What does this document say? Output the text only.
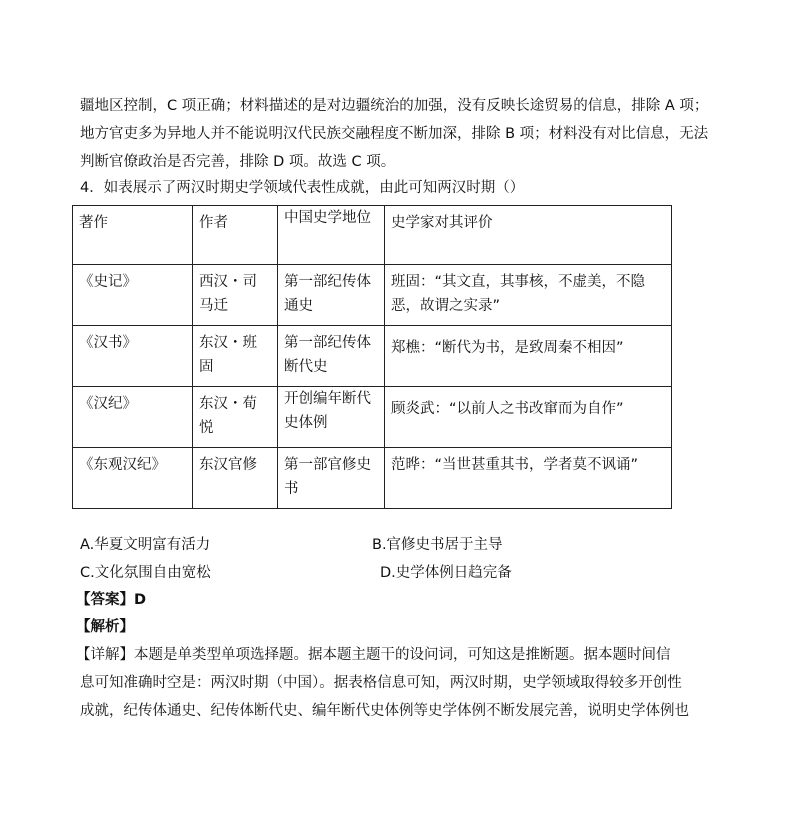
疆地区控制，C 项正确；材料描述的是对边疆统治的加强，没有反映长途贸易的信息，排除 A 项；
地方官吏多为异地人并不能说明汉代民族交融程度不断加深，排除 B 项；材料没有对比信息，无法
判断官僚政治是否完善，排除 D 项。故选 C 项。
4．如表展示了两汉时期史学领域代表性成就，由此可知两汉时期（）
著作	作者	中国史学地位	史学家对其评价
《史记》	西汉・司马迁	第一部纪传体通史	班固：“其文直，其事核，不虚美，不隐恶，故谓之实录”
《汉书》	东汉・班固	第一部纪传体断代史	郑樵：“断代为书，是致周秦不相因”
《汉纪》	东汉・荀悦	开创编年断代史体例	顾炎武：“以前人之书改窜而为自作”
《东观汉纪》	东汉官修	第一部官修史书	范晔：“当世甚重其书，学者莫不讽诵”
A.华夏文明富有活力	B.官修史书居于主导
C.文化氛围自由宽松	D.史学体例日趋完备
【答案】D
【解析】
【详解】本题是单类型单项选择题。据本题主题干的设问词，可知这是推断题。据本题时间信
息可知准确时空是：两汉时期（中国）。据表格信息可知，两汉时期，史学领域取得较多开创性
成就，纪传体通史、纪传体断代史、编年断代史体例等史学体例不断发展完善，说明史学体例也
